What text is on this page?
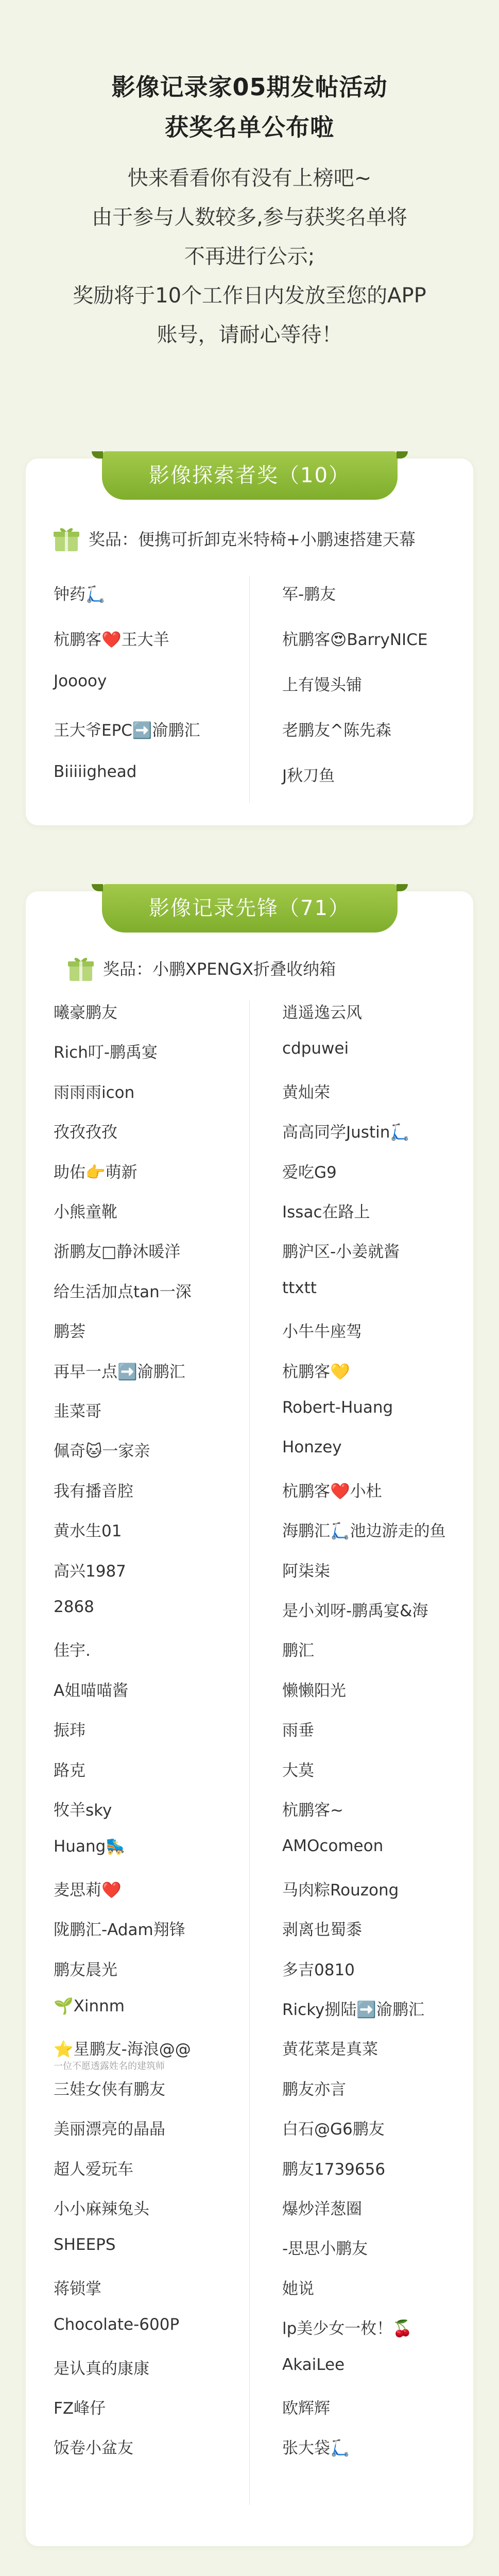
影像记录家05期发帖活动
获奖名单公布啦
快来看看你有没有上榜吧~
由于参与人数较多,参与获奖名单将
不再进行公示;
奖励将于10个工作日内发放至您的APP
账号，请耐心等待！
影像探索者奖（10）
奖品：便携可折卸克米特椅+小鹏速搭建天幕
钟药🛴
杭鹏客❤️王大羊
Jooooy
王大爷EPC➡️渝鹏汇
Biiiiighead
军-鹏友
杭鹏客😍BarryNICE
上有馒头铺
老鹏友^陈先森
J秋刀鱼
影像记录先锋（71）
奖品：小鹏XPENGX折叠收纳箱
曦豪鹏友
Rich叮-鹏禹宴
雨雨雨icon
孜孜孜孜
助佑👉萌新
小熊童靴
浙鹏友□静沐暖洋
给生活加点tan一深
鹏荟
再早一点➡️渝鹏汇
韭菜哥
佩奇🐱一家亲
我有播音腔
黄水生01
高兴1987
2868
佳宇.
A姐喵喵酱
振玮
路克
牧羊sky
Huang🛼
麦思莉❤️
陇鹏汇-Adam翔锋
鹏友晨光
🌱Xinnm
⭐星鹏友-海浪@@
三娃女侠有鹏友
美丽漂亮的晶晶
超人爱玩车
小小麻辣兔头
SHEEPS
蒋锁掌
Chocolate-600P
是认真的康康
FZ峰仔
饭卷小盆友
一位不愿透露姓名的建筑师
逍遥逸云风
cdpuwei
黄灿荣
高高同学Justin🛴
爱吃G9
Issac在路上
鹏沪区-小姜就酱
ttxtt
小牛牛座驾
杭鹏客💛
Robert-Huang
Honzey
杭鹏客❤️小杜
海鹏汇🛴池边游走的鱼
阿柒柒
是小刘呀-鹏禹宴&海
鹏汇
懒懒阳光
雨垂
大莫
杭鹏客~
AMOcomeon
马肉粽Rouzong
剥离也蜀黍
多吉0810
Ricky捌陆➡️渝鹏汇
黄花菜是真菜
鹏友亦言
白石@G6鹏友
鹏友1739656
爆炒洋葱圈
-思思小鹏友
她说
lp美少女一枚！🍒
AkaiLee
欧辉辉
张大袋🛴
